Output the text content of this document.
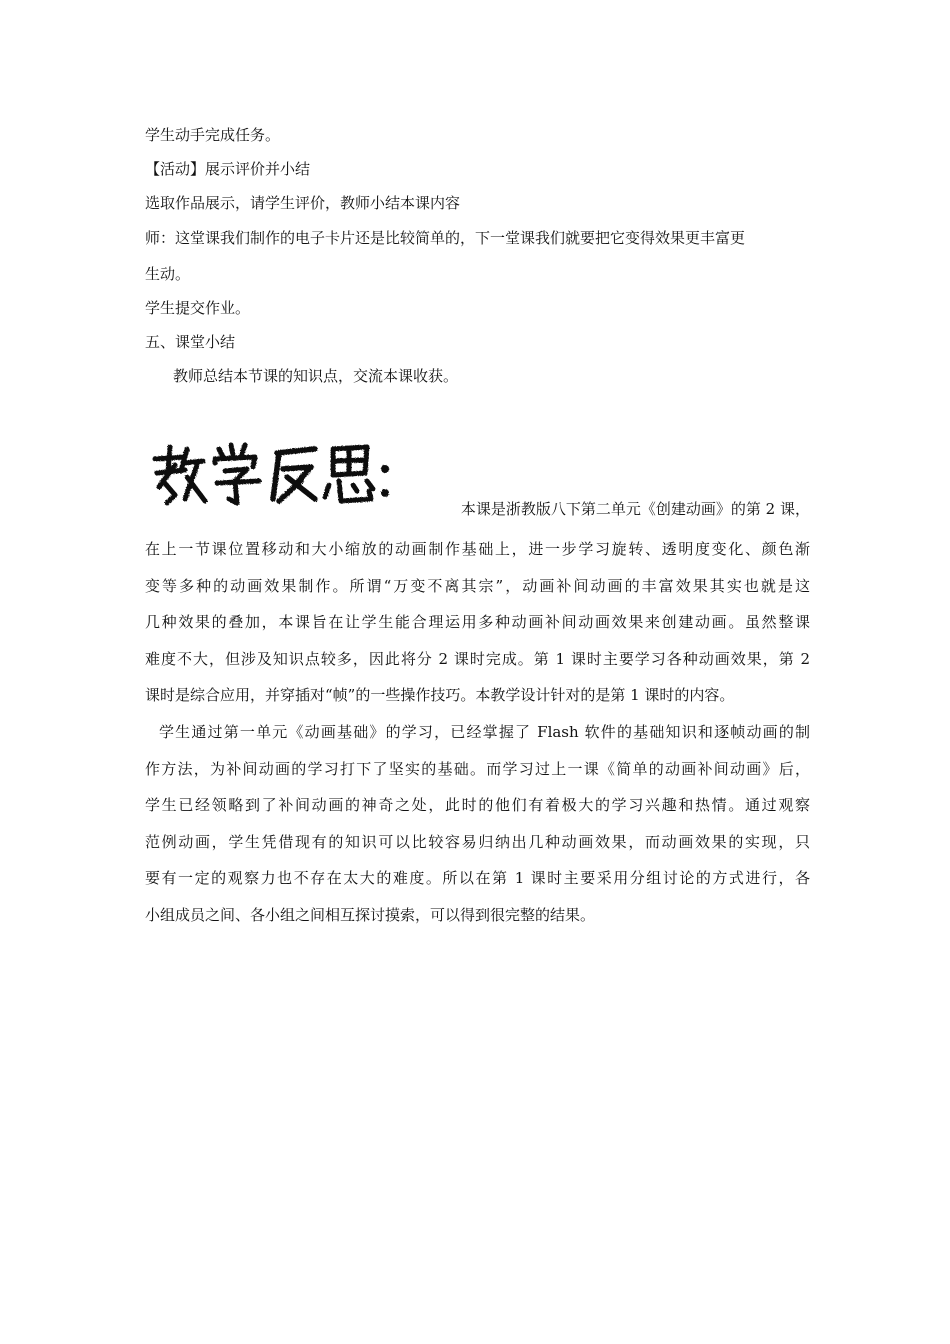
学生动手完成任务。
【活动】展示评价并小结
选取作品展示，请学生评价，教师小结本课内容
师：这堂课我们制作的电子卡片还是比较简单的，下一堂课我们就要把它变得效果更丰富更
生动。
学生提交作业。
五、课堂小结
教师总结本节课的知识点，交流本课收获。
本课是浙教版八下第二单元《创建动画》的第 2 课，
在上一节课位置移动和大小缩放的动画制作基础上，进一步学习旋转、透明度变化、颜色渐
变等多种的动画效果制作。所谓“万变不离其宗”，动画补间动画的丰富效果其实也就是这
几种效果的叠加，本课旨在让学生能合理运用多种动画补间动画效果来创建动画。虽然整课
难度不大，但涉及知识点较多，因此将分 2 课时完成。第 1 课时主要学习各种动画效果，第 2
课时是综合应用，并穿插对“帧”的一些操作技巧。本教学设计针对的是第 1 课时的内容。
学生通过第一单元《动画基础》的学习，已经掌握了 Flash 软件的基础知识和逐帧动画的制
作方法，为补间动画的学习打下了坚实的基础。而学习过上一课《简单的动画补间动画》后，
学生已经领略到了补间动画的神奇之处，此时的他们有着极大的学习兴趣和热情。通过观察
范例动画，学生凭借现有的知识可以比较容易归纳出几种动画效果，而动画效果的实现，只
要有一定的观察力也不存在太大的难度。所以在第 1 课时主要采用分组讨论的方式进行，各
小组成员之间、各小组之间相互探讨摸索，可以得到很完整的结果。
